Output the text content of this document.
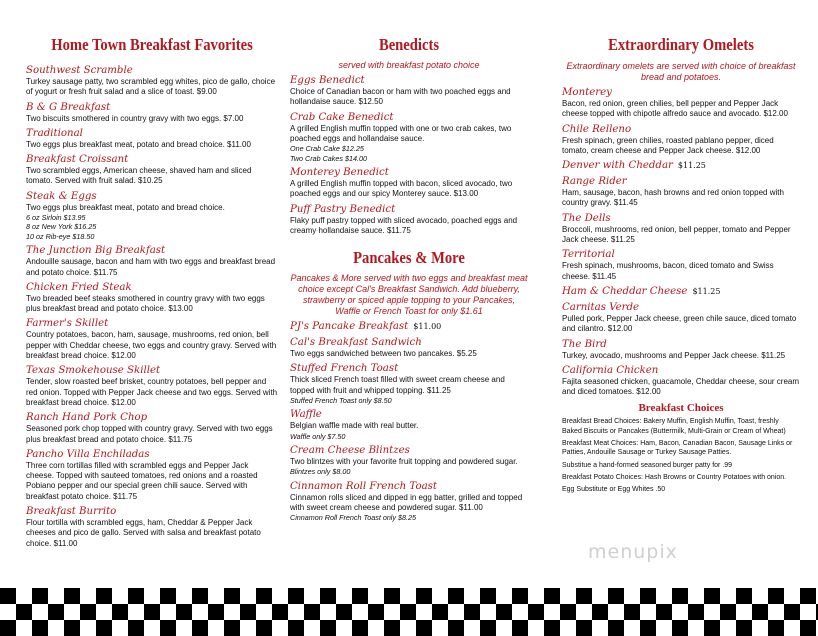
Home Town Breakfast Favorites
Southwest Scramble
Turkey sausage patty, two scrambled egg whites, pico de gallo, choice of yogurt or fresh fruit salad and a slice of toast. $9.00
B & G Breakfast
Two biscuits smothered in country gravy with two eggs. $7.00
Traditional
Two eggs plus breakfast meat, potato and bread choice. $11.00
Breakfast Croissant
Two scrambled eggs, American cheese, shaved ham and sliced tomato. Served with fruit salad. $10.25
Steak & Eggs
Two eggs plus breakfast meat, potato and bread choice.
6 oz Sirloin $13.95
8 oz New York $16.25
10 oz Rib-eye $18.50
The Junction Big Breakfast
Andouille sausage, bacon and ham with two eggs and breakfast bread and potato choice. $11.75
Chicken Fried Steak
Two breaded beef steaks smothered in country gravy with two eggs plus breakfast bread and potato choice. $13.00
Farmer's Skillet
Country potatoes, bacon, ham, sausage, mushrooms, red onion, bell pepper with Cheddar cheese, two eggs and country gravy. Served with breakfast bread choice. $12.00
Texas Smokehouse Skillet
Tender, slow roasted beef brisket, country potatoes, bell pepper and red onion. Topped with Pepper Jack cheese and two eggs. Served with breakfast bread choice. $12.00
Ranch Hand Pork Chop
Seasoned pork chop topped with country gravy. Served with two eggs plus breakfast bread and potato choice. $11.75
Pancho Villa Enchiladas
Three corn tortillas filled with scrambled eggs and Pepper Jack cheese. Topped with sauteed tomatoes, red onions and a roasted Pobiano pepper and our special green chili sauce. Served with breakfast potato choice. $11.75
Breakfast Burrito
Flour tortilla with scrambled eggs, ham, Cheddar & Pepper Jack cheeses and pico de gallo. Served with salsa and breakfast potato choice. $11.00
Benedicts
served with breakfast potato choice
Eggs Benedict
Choice of Canadian bacon or ham with two poached eggs and hollandaise sauce. $12.50
Crab Cake Benedict
A grilled English muffin topped with one or two crab cakes, two poached eggs and hollandaise sauce.
One Crab Cake $12.25
Two Crab Cakes $14.00
Monterey Benedict
A grilled English muffin topped with bacon, sliced avocado, two poached eggs and our spicy Monterey sauce. $13.00
Puff Pastry Benedict
Flaky puff pastry topped with sliced avocado, poached eggs and creamy hollandaise sauce. $11.75
Pancakes & More
Pancakes & More served with two eggs and breakfast meat choice except Cal's Breakfast Sandwich. Add blueberry, strawberry or spiced apple topping to your Pancakes, Waffle or French Toast for only $1.61
PJ's Pancake Breakfast $11.00
Cal's Breakfast Sandwich
Two eggs sandwiched between two pancakes. $5.25
Stuffed French Toast
Thick sliced French toast filled with sweet cream cheese and topped with fruit and whipped topping. $11.25
Stuffed French Toast only $8.50
Waffle
Belgian waffle made with real butter.
Waffle only $7.50
Cream Cheese Blintzes
Two blintzes with your favorite fruit topping and powdered sugar.
Blintzes only $8.00
Cinnamon Roll French Toast
Cinnamon rolls sliced and dipped in egg batter, grilled and topped with sweet cream cheese and powdered sugar. $11.00
Cinnamon Roll French Toast only $8.25
Extraordinary Omelets
Extraordinary omelets are served with choice of breakfast bread and potatoes.
Monterey
Bacon, red onion, green chilies, bell pepper and Pepper Jack cheese topped with chipotle alfredo sauce and avocado. $12.00
Chile Relleno
Fresh spinach, green chilies, roasted pablano pepper, diced tomato, cream cheese and Pepper Jack cheese. $12.00
Denver with Cheddar $11.25
Range Rider
Ham, sausage, bacon, hash browns and red onion topped with country gravy. $11.45
The Dells
Broccoli, mushrooms, red onion, bell pepper, tomato and Pepper Jack cheese. $11.25
Territorial
Fresh spinach, mushrooms, bacon, diced tomato and Swiss cheese. $11.45
Ham & Cheddar Cheese $11.25
Carnitas Verde
Pulled pork, Pepper Jack cheese, green chile sauce, diced tomato and cilantro. $12.00
The Bird
Turkey, avocado, mushrooms and Pepper Jack cheese. $11.25
California Chicken
Fajita seasoned chicken, guacamole, Cheddar cheese, sour cream and diced tomatoes. $12.00
Breakfast Choices
Breakfast Bread Choices: Bakery Muffin, English Muffin, Toast, freshly Baked Biscuits or Pancakes (Buttermilk, Multi-Grain or Cream of Wheat)
Breakfast Meat Choices: Ham, Bacon, Canadian Bacon, Sausage Links or Patties, Andouille Sausage or Turkey Sausage Patties.
Substitue a hand-formed seasoned burger patty for .99
Breakfast Potato Choices: Hash Browns or Country Potatoes with onion.
Egg Substitute or Egg Whites .50
menupix
